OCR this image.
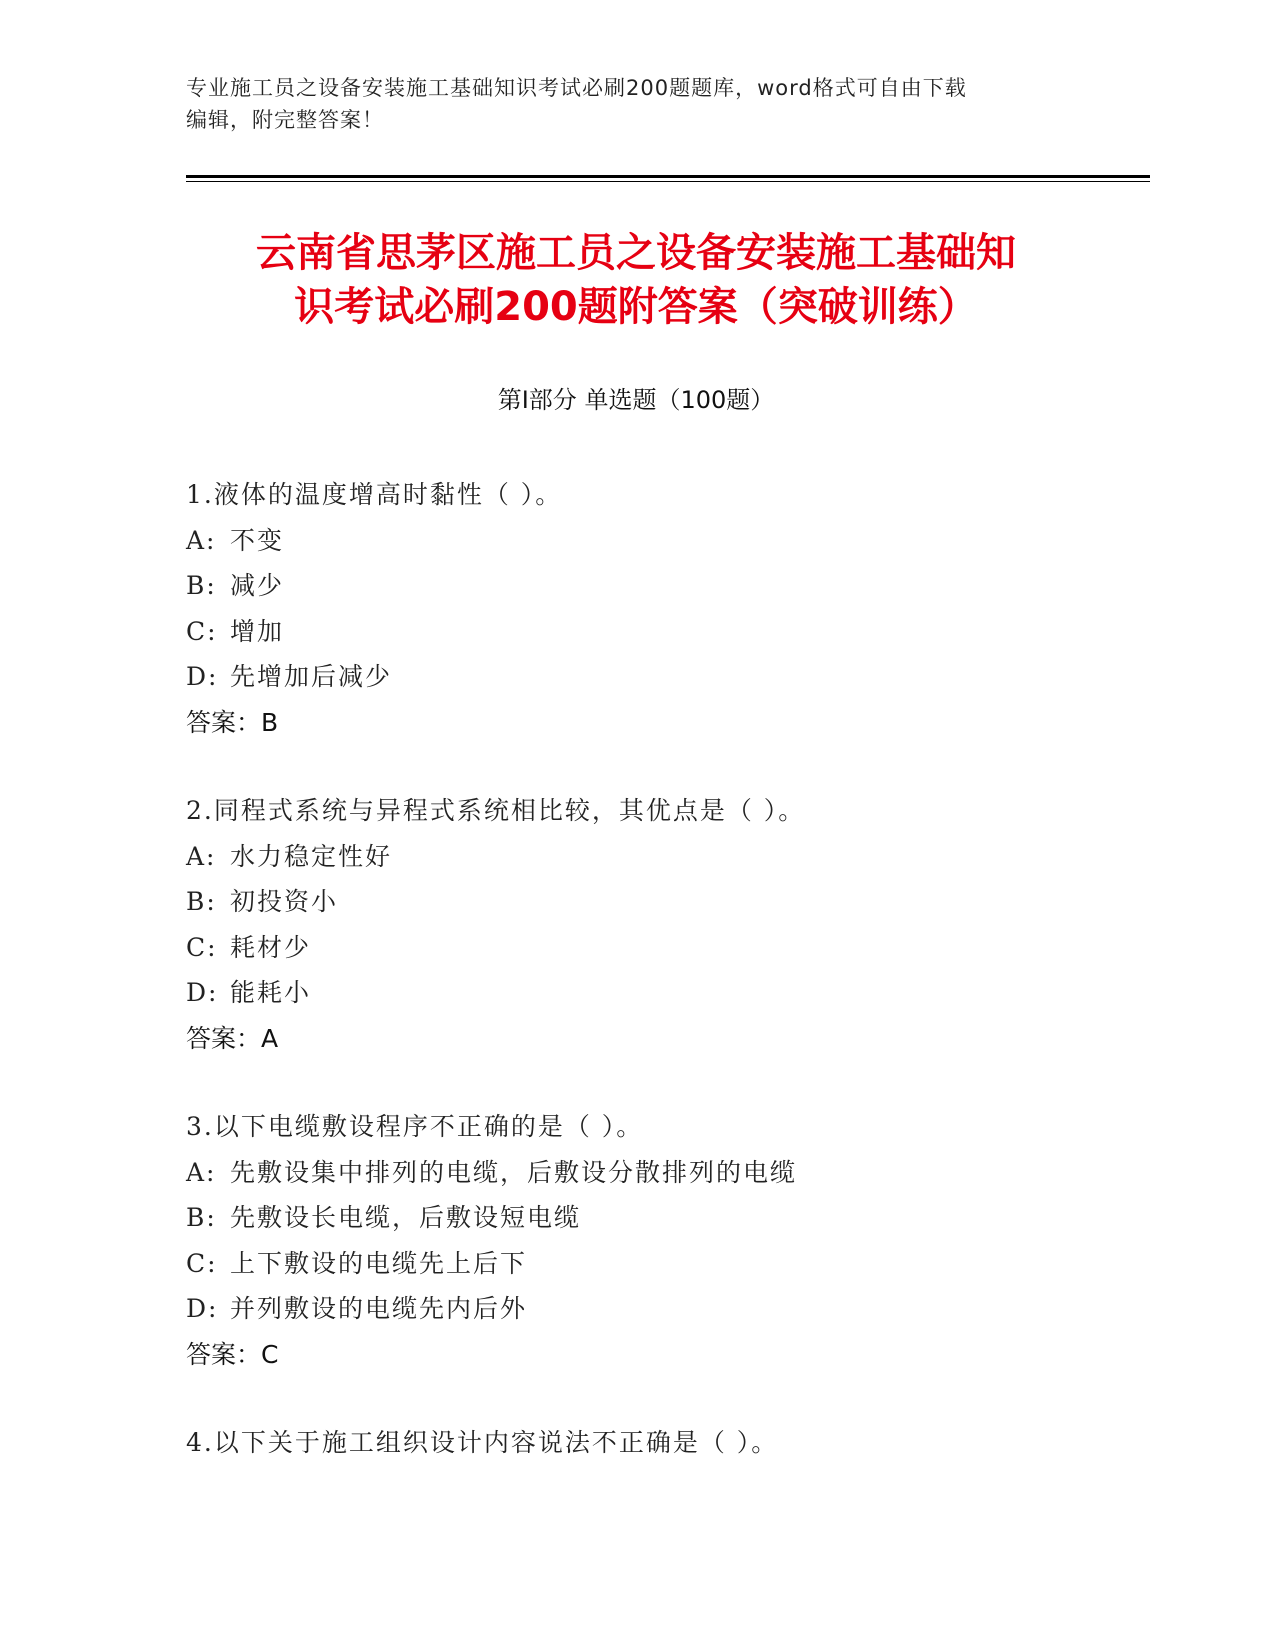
专业施工员之设备安装施工基础知识考试必刷200题题库，word格式可自由下载
编辑，附完整答案！
云南省思茅区施工员之设备安装施工基础知
识考试必刷200题附答案（突破训练）
第Ⅰ部分 单选题（100题）
1.液体的温度增高时黏性（ ）。
A: 不变
B: 减少
C: 增加
D: 先增加后减少
答案：B
2.同程式系统与异程式系统相比较，其优点是（ ）。
A: 水力稳定性好
B: 初投资小
C: 耗材少
D: 能耗小
答案：A
3.以下电缆敷设程序不正确的是（ ）。
A: 先敷设集中排列的电缆，后敷设分散排列的电缆
B: 先敷设长电缆，后敷设短电缆
C: 上下敷设的电缆先上后下
D: 并列敷设的电缆先内后外
答案：C
4.以下关于施工组织设计内容说法不正确是（ ）。
